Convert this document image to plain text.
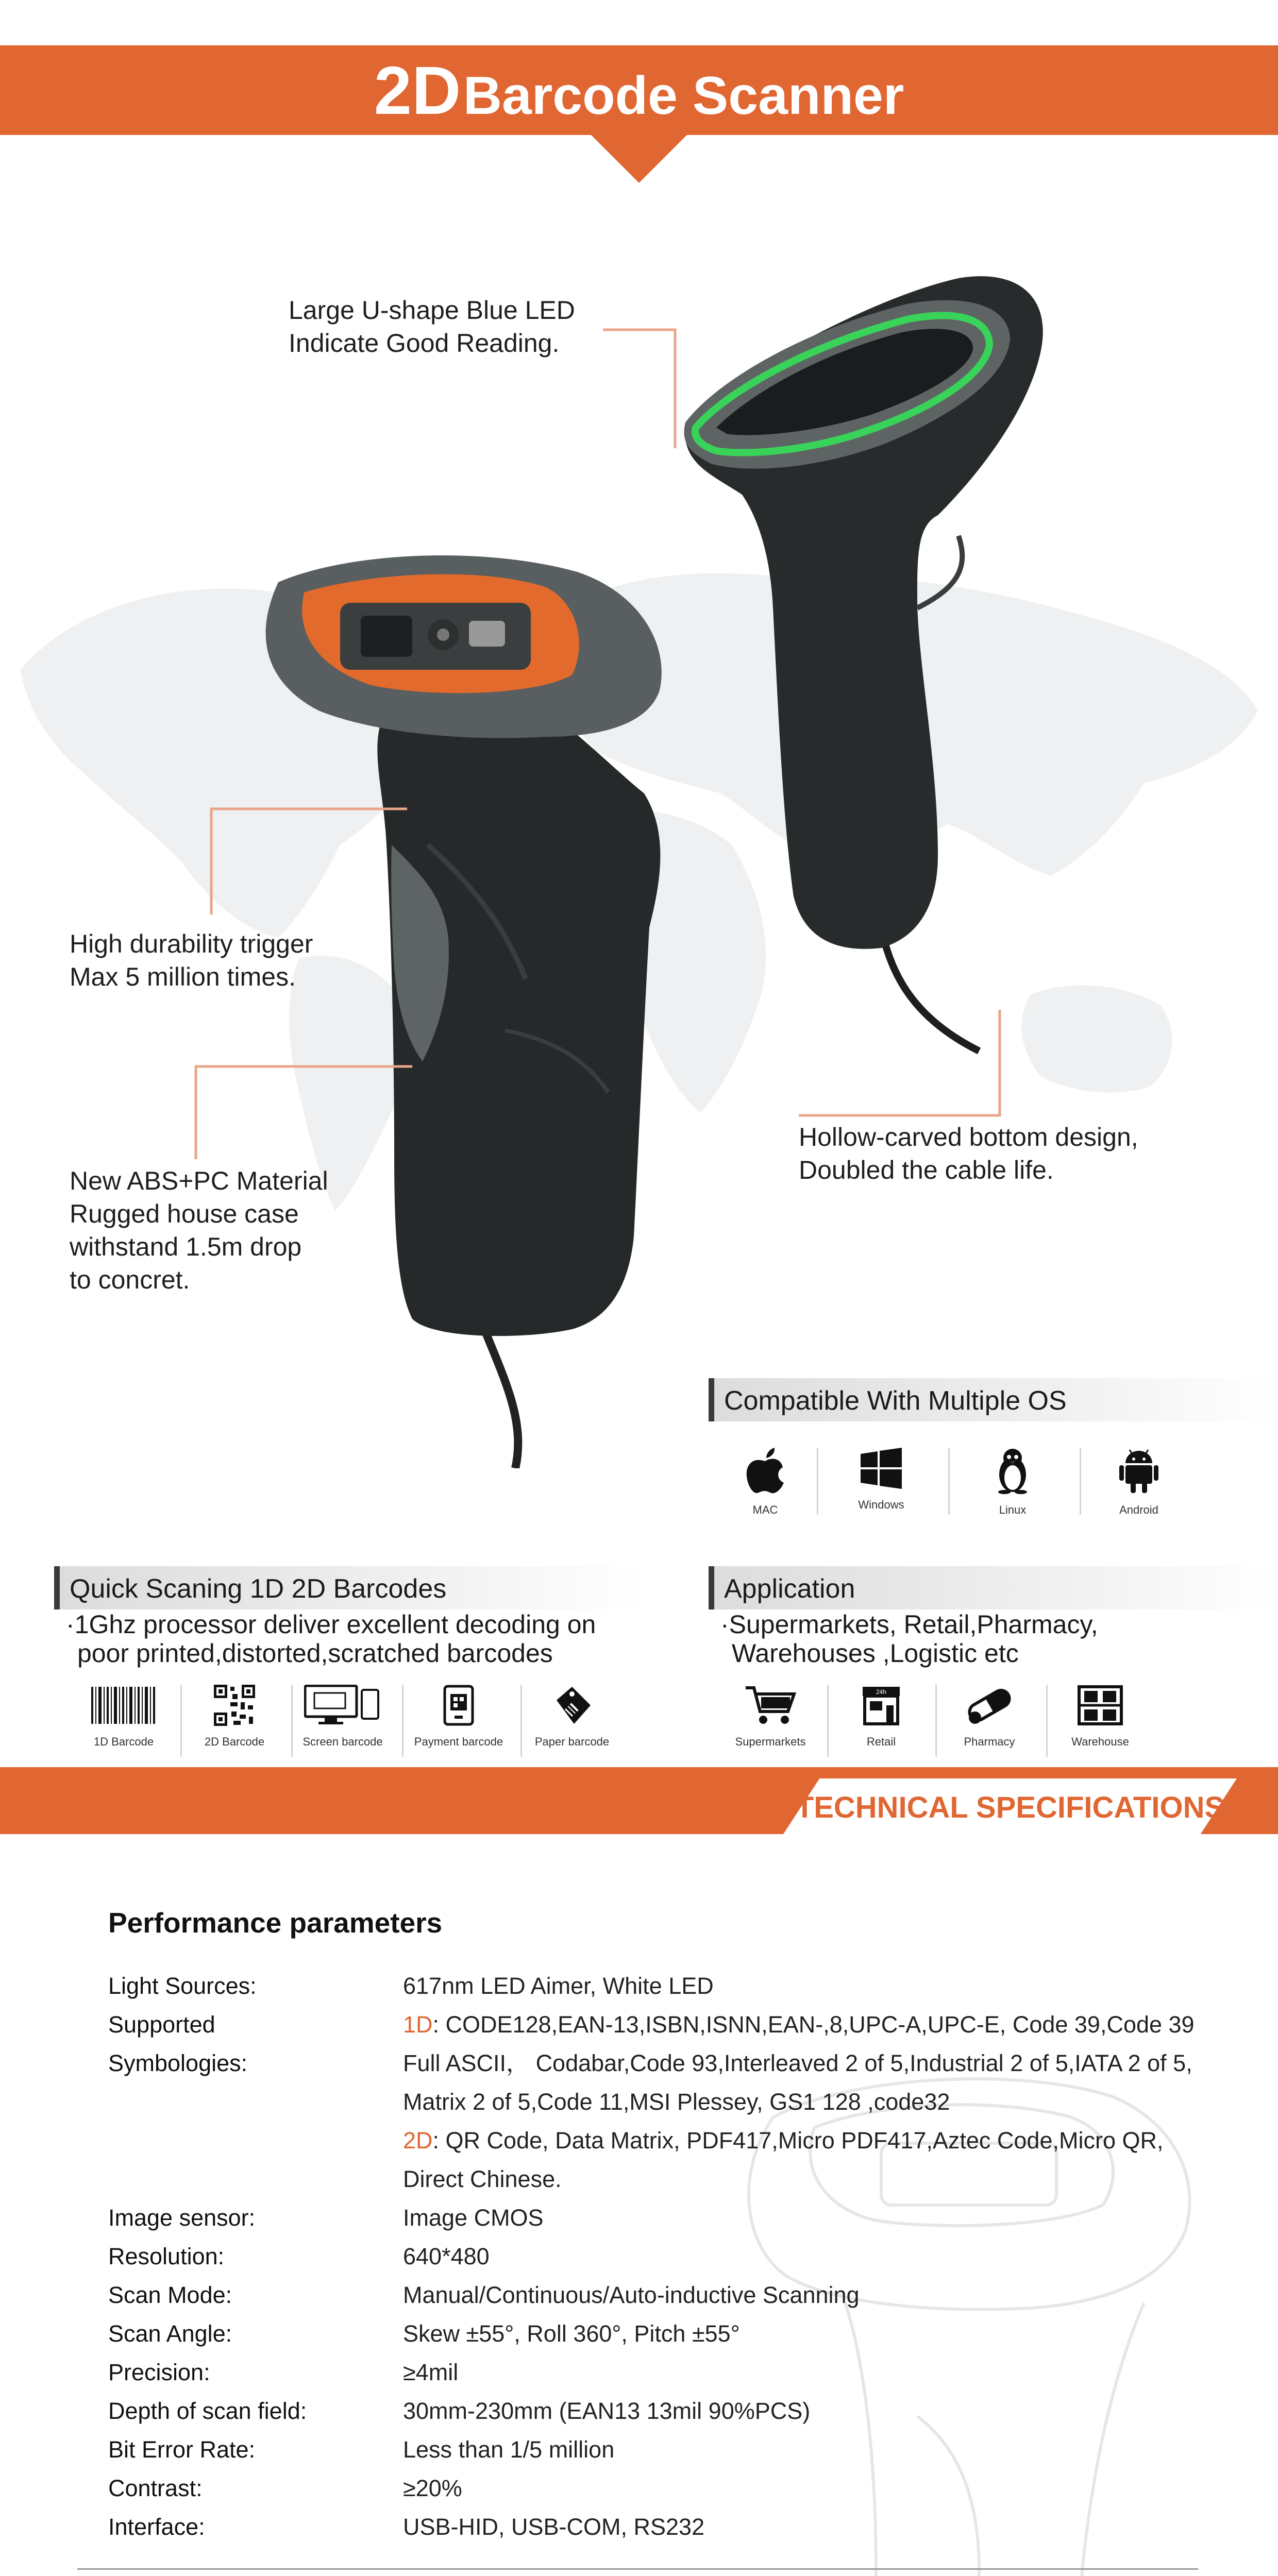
2D Barcode Scanner
Large U-shape Blue LED
Indicate Good Reading.
High durability trigger
Max 5 million times.
New ABS+PC Material
Rugged house case
withstand 1.5m drop
to concret.
Hollow-carved bottom design,
Doubled the cable life.
Compatible With Multiple OS
MAC	Windows	Linux	Android
Quick Scaning 1D 2D Barcodes
·1Ghz processor deliver excellent decoding on
poor printed,distorted,scratched barcodes
1D Barcode	2D Barcode	Screen barcode	Payment barcode	Paper barcode
Application
·Supermarkets, Retail,Pharmacy,
Warehouses ,Logistic etc
Supermarkets
24h
Retail	Pharmacy	Warehouse
TECHNICAL SPECIFICATIONS
Performance parameters
Light Sources:	617nm LED Aimer, White LED
Supported	1D: CODE128,EAN-13,ISBN,ISNN,EAN-,8,UPC-A,UPC-E, Code 39,Code 39
Symbologies:	Full ASCII， Codabar,Code 93,Interleaved 2 of 5,Industrial 2 of 5,IATA 2 of 5,
Matrix 2 of 5,Code 11,MSI Plessey, GS1 128 ,code32
2D: QR Code, Data Matrix, PDF417,Micro PDF417,Aztec Code,Micro QR,
Direct Chinese.
Image sensor:	Image CMOS
Resolution:	640*480
Scan Mode:	Manual/Continuous/Auto-inductive Scanning
Scan Angle:	Skew ±55°, Roll 360°, Pitch ±55°
Precision:	≥4mil
Depth of scan field:	30mm-230mm (EAN13 13mil 90%PCS)
Bit Error Rate:	Less than 1/5 million
Contrast:	≥20%
Interface:	USB-HID, USB-COM, RS232
